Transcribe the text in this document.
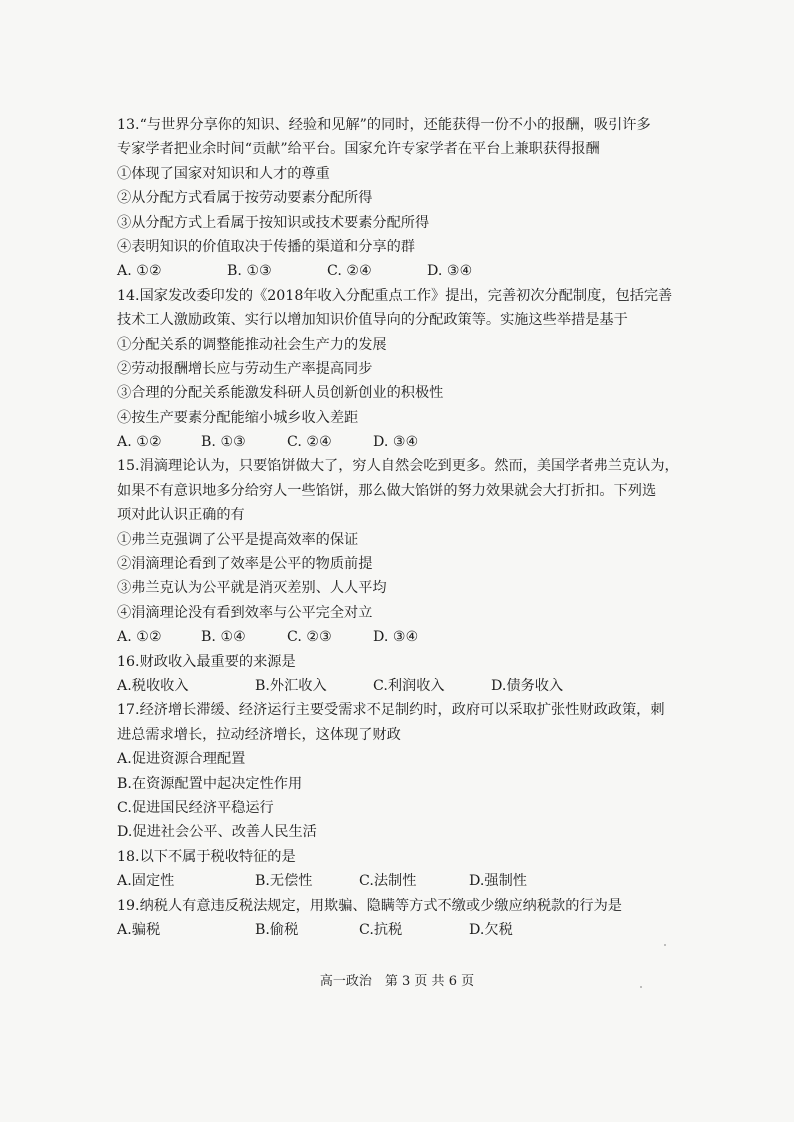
13.“与世界分享你的知识、经验和见解”的同时，还能获得一份不小的报酬，吸引许多
专家学者把业余时间“贡献”给平台。国家允许专家学者在平台上兼职获得报酬
①体现了国家对知识和人才的尊重
②从分配方式看属于按劳动要素分配所得
③从分配方式上看属于按知识或技术要素分配所得
④表明知识的价值取决于传播的渠道和分享的群
A. ①②	B. ①③	C. ②④	D. ③④
14.国家发改委印发的《2018年收入分配重点工作》提出，完善初次分配制度，包括完善
技术工人激励政策、实行以增加知识价值导向的分配政策等。实施这些举措是基于
①分配关系的调整能推动社会生产力的发展
②劳动报酬增长应与劳动生产率提高同步
③合理的分配关系能激发科研人员创新创业的积极性
④按生产要素分配能缩小城乡收入差距
A. ①②	B. ①③	C. ②④	D. ③④
15.涓滴理论认为，只要馅饼做大了，穷人自然会吃到更多。然而，美国学者弗兰克认为，
如果不有意识地多分给穷人一些馅饼，那么做大馅饼的努力效果就会大打折扣。下列选
项对此认识正确的有
①弗兰克强调了公平是提高效率的保证
②涓滴理论看到了效率是公平的物质前提
③弗兰克认为公平就是消灭差别、人人平均
④涓滴理论没有看到效率与公平完全对立
A. ①②	B. ①④	C. ②③	D. ③④
16.财政收入最重要的来源是
A.税收收入	B.外汇收入	C.利润收入	D.债务收入
17.经济增长滞缓、经济运行主要受需求不足制约时，政府可以采取扩张性财政政策，刺
进总需求增长，拉动经济增长，这体现了财政
A.促进资源合理配置
B.在资源配置中起决定性作用
C.促进国民经济平稳运行
D.促进社会公平、改善人民生活
18.以下不属于税收特征的是
A.固定性	B.无偿性	C.法制性	D.强制性
19.纳税人有意违反税法规定，用欺骗、隐瞒等方式不缴或少缴应纳税款的行为是
A.骗税	B.偷税	C.抗税	D.欠税
高一政治　第 3 页 共 6 页
